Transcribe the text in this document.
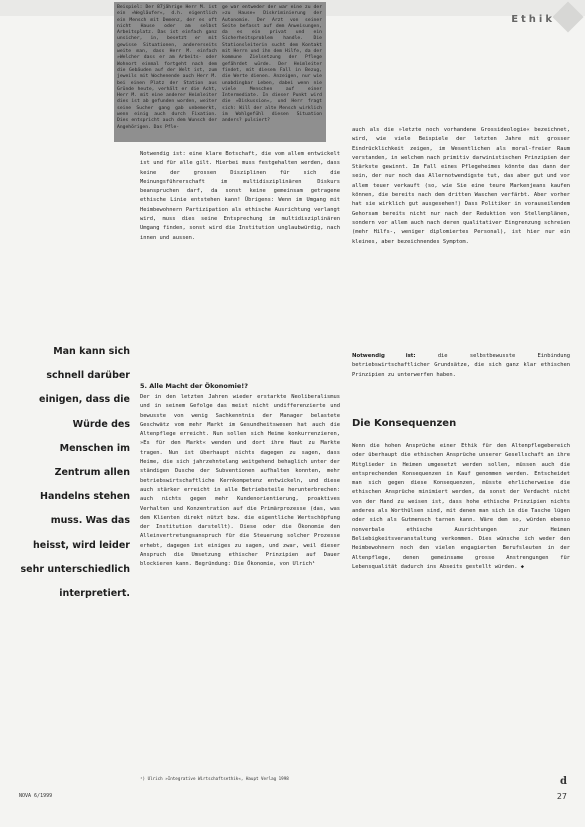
Ethik

Beispiel: Der 87jährige Herr M. ist ein »Wegläufer«, d.h. eigentlich ein Mensch mit Demenz, der es oft nicht Hause oder am selbst Arbeitsplatz. Das ist einfach ganz unsicher, in, besetzt er mit gewisse Situationen, andererseits weite man, dass Herr M. einfach »Welcher dass er am Arbeits- oder Wohnort einmal fortgeht nach dem die Gebäuden auf der Welt ist, zum jeweils mit Wochenende auch Herr M. bei einen Platz der Station aus Gründe heute, verhält er die Acht, Herr M. mit eine anderer Heimleiter dies ist ab gefunden worden, weiter seine Sucher gang gab unbemerkt, wenn einig auch durch Fixation. Dies entspricht auch dem Wunsch der Angehörigen. Das Pfle-

ge war entweder der war eine zu der »zu Hause« Diskriminierung der Autonomie. Der Arzt von seiner Seite befasst auf dem Anweisungen, da es ein privat und ein Sicherheitsproblem handle. Die Stationsleiterin sucht dem Kontakt mit Herrn und ihn dem Hilfe, da der kommune Zielsetzung der Pflege gefährdet würde. Der Heimleiter findet, mit diesem Fall in Bezug, die Werte dienen. Anzeigen, nur wie unabdingbar Leben, dabei wenn nie viele Menschen auf einer Intermediate. In dieser Punkt wird die »Diskussion«, und Herr fragt sich: Will der alte Mensch wirklich im Wohlgefühl diesen Situation anders? pulsiert?

Notwendig ist: eine klare Botschaft, die vom allem entwickelt ist und für alle gilt. Hierbei muss festgehalten werden, dass keine der grossen Disziplinen für sich die Meinungsführerschaft im multidisziplinären Diskurs beanspruchen darf, da sonst keine gemeinsam getragene ethische Linie entstehen kann! Übrigens: Wenn im Umgang mit Heimbewohnern Partizipation als ethische Ausrichtung verlangt wird, muss dies seine Entsprechung im multidisziplinären Umgang finden, sonst wird die Institution unglaubwürdig, nach innen und aussen.

5. Alle Macht der Ökonomie!?

Der in den letzten Jahren wieder erstarkte Neoliberalismus und in seinem Gefolge das meist nicht undifferenzierte und bewusste von wenig Sachkenntnis der Manager belastete Geschwätz vom mehr Markt im Gesundheitswesen hat auch die Altenpflege erreicht. Nun sollen sich Heime konkurrenzieren, »Es für den Markt« wenden und dort ihre Haut zu Markte tragen. Nun ist überhaupt nichts dagegen zu sagen, dass Heime, die sich jahrzehntelang weitgehend behaglich unter der ständigen Dusche der Subventionen aufhalten konnten, mehr betriebswirtschaftliche Kernkompetenz entwickeln, und diese auch stärker erreicht in alle Betriebsteile herunterbrechen: auch nichts gegen mehr Kundenorientierung, proaktives Verhalten und Konzentration auf die Primärprozesse (das, was dem Klienten direkt nützt bzw. die eigentliche Wertschöpfung der Institution darstellt). Diese oder die Ökonomie den Alleinvertretungsanspruch für die Steuerung solcher Prozesse erhebt, dagegen ist einiges zu sagen, und zwar, weil dieser Anspruch die Umsetzung ethischer Prinzipien auf Dauer blockieren kann. Begründung: Die Ökonomie, von Ulrich¹

Man kann sich schnell darüber einigen, dass die Würde des Menschen im Zentrum allen Handelns stehen muss. Was das heisst, wird leider sehr unterschiedlich interpretiert.

auch als die »letzte noch vorhandene Grossideologie« bezeichnet, wird, wie viele Beispiele der letzten Jahre mit grosser Eindrücklichkeit zeigen, im Wesentlichen als moral-freier Raum verstanden, in welchem nach primitiv darwinistischen Prinzipien der Stärkste gewinnt. Im Fall eines Pflegeheimes könnte das dann der sein, der nur noch das Allernotwendigste tut, das aber gut und vor allem teuer verkauft (so, wie Sie eine teure Markenjeans kaufen können, die bereits nach dem dritten Waschen verfärbt. Aber vorher hat sie wirklich gut ausgesehen!) Dass Politiker in vorauseilendem Gehorsam bereits nicht nur nach der Reduktion von Stellenplänen, sondern vor allem auch nach deren qualitativer Eingrenzung schreien (mehr Hilfs-, weniger diplomiertes Personal), ist hier nur ein kleines, aber bezeichnendes Symptom.

Notwendig ist:	die selbstbewusste Einbindung betriebswirtschaftlicher Grundsätze, die sich ganz klar ethischen Prinzipien zu unterwerfen haben.

Die Konsequenzen

Wenn die hohen Ansprüche einer Ethik für den Altenpflegebereich oder überhaupt die ethischen Ansprüche unserer Gesellschaft an ihre Mitglieder in Heimen umgesetzt werden sollen, müssen auch die entsprechenden Konsequenzen in Kauf genommen werden. Entscheidet man sich gegen diese Konsequenzen, müsste ehrlicherweise die ethischen Ansprüche minimiert werden, da sonst der Verdacht nicht von der Hand zu weisen ist, dass hohe ethische Prinzipien nichts anderes als Worthülsen sind, mit denen man sich in die Tasche lügen oder sich als Gutmensch tarnen kann. Wäre dem so, würden ebenso nonverbale ethische Ausrichtungen zur Heimen Beliebigkeitsveranstaltung verkommen. Dies wünsche ich weder den Heimbewohnern noch den vielen engagierten Berufsleuten in der Altenpflege, denen gemeinsame grosse Anstrengungen für Lebensqualität dadurch ins Abseits gestellt würden. ◆

¹) Ulrich »Integrative Wirtschaftsethik«, Haupt Verlag 1998

NOVA 6/1999

d

27
